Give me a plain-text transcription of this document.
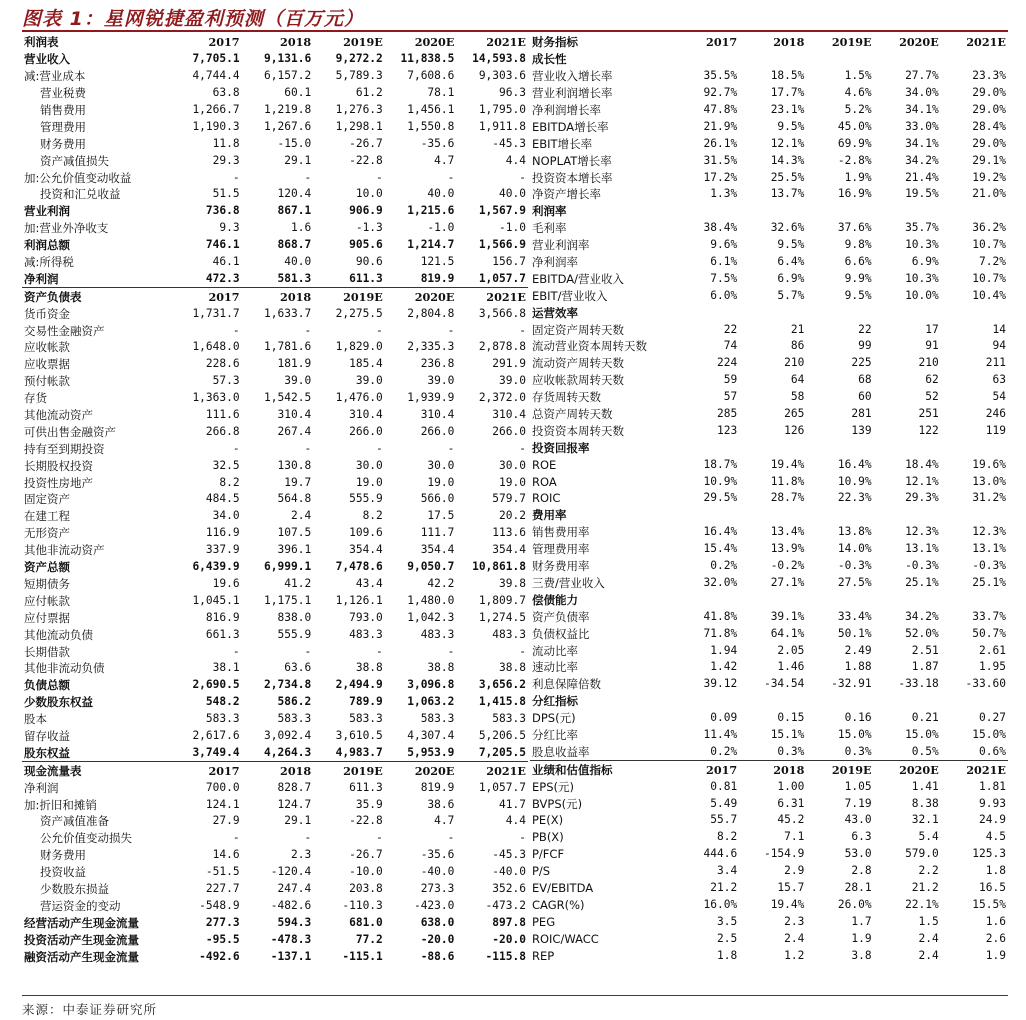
图表 1：星网锐捷盈利预测（百万元）
利润表	2017	2018	2019E	2020E	2021E
营业收入	7,705.1	9,131.6	9,272.2	11,838.5	14,593.8
减:营业成本	4,744.4	6,157.2	5,789.3	7,608.6	9,303.6
营业税费	63.8	60.1	61.2	78.1	96.3
销售费用	1,266.7	1,219.8	1,276.3	1,456.1	1,795.0
管理费用	1,190.3	1,267.6	1,298.1	1,550.8	1,911.8
财务费用	11.8	-15.0	-26.7	-35.6	-45.3
资产减值损失	29.3	29.1	-22.8	4.7	4.4
加:公允价值变动收益	-	-	-	-	-
投资和汇兑收益	51.5	120.4	10.0	40.0	40.0
营业利润	736.8	867.1	906.9	1,215.6	1,567.9
加:营业外净收支	9.3	1.6	-1.3	-1.0	-1.0
利润总额	746.1	868.7	905.6	1,214.7	1,566.9
减:所得税	46.1	40.0	90.6	121.5	156.7
净利润	472.3	581.3	611.3	819.9	1,057.7
资产负债表	2017	2018	2019E	2020E	2021E
货币资金	1,731.7	1,633.7	2,275.5	2,804.8	3,566.8
交易性金融资产	-	-	-	-	-
应收帐款	1,648.0	1,781.6	1,829.0	2,335.3	2,878.8
应收票据	228.6	181.9	185.4	236.8	291.9
预付帐款	57.3	39.0	39.0	39.0	39.0
存货	1,363.0	1,542.5	1,476.0	1,939.9	2,372.0
其他流动资产	111.6	310.4	310.4	310.4	310.4
可供出售金融资产	266.8	267.4	266.0	266.0	266.0
持有至到期投资	-	-	-	-	-
长期股权投资	32.5	130.8	30.0	30.0	30.0
投资性房地产	8.2	19.7	19.0	19.0	19.0
固定资产	484.5	564.8	555.9	566.0	579.7
在建工程	34.0	2.4	8.2	17.5	20.2
无形资产	116.9	107.5	109.6	111.7	113.6
其他非流动资产	337.9	396.1	354.4	354.4	354.4
资产总额	6,439.9	6,999.1	7,478.6	9,050.7	10,861.8
短期债务	19.6	41.2	43.4	42.2	39.8
应付帐款	1,045.1	1,175.1	1,126.1	1,480.0	1,809.7
应付票据	816.9	838.0	793.0	1,042.3	1,274.5
其他流动负债	661.3	555.9	483.3	483.3	483.3
长期借款	-	-	-	-	-
其他非流动负债	38.1	63.6	38.8	38.8	38.8
负债总额	2,690.5	2,734.8	2,494.9	3,096.8	3,656.2
少数股东权益	548.2	586.2	789.9	1,063.2	1,415.8
股本	583.3	583.3	583.3	583.3	583.3
留存收益	2,617.6	3,092.4	3,610.5	4,307.4	5,206.5
股东权益	3,749.4	4,264.3	4,983.7	5,953.9	7,205.5
现金流量表	2017	2018	2019E	2020E	2021E
净利润	700.0	828.7	611.3	819.9	1,057.7
加:折旧和摊销	124.1	124.7	35.9	38.6	41.7
资产减值准备	27.9	29.1	-22.8	4.7	4.4
公允价值变动损失	-	-	-	-	-
财务费用	14.6	2.3	-26.7	-35.6	-45.3
投资收益	-51.5	-120.4	-10.0	-40.0	-40.0
少数股东损益	227.7	247.4	203.8	273.3	352.6
营运资金的变动	-548.9	-482.6	-110.3	-423.0	-473.2
经营活动产生现金流量	277.3	594.3	681.0	638.0	897.8
投资活动产生现金流量	-95.5	-478.3	77.2	-20.0	-20.0
融资活动产生现金流量	-492.6	-137.1	-115.1	-88.6	-115.8
财务指标	2017	2018	2019E	2020E	2021E
成长性					
营业收入增长率	35.5%	18.5%	1.5%	27.7%	23.3%
营业利润增长率	92.7%	17.7%	4.6%	34.0%	29.0%
净利润增长率	47.8%	23.1%	5.2%	34.1%	29.0%
EBITDA增长率	21.9%	9.5%	45.0%	33.0%	28.4%
EBIT增长率	26.1%	12.1%	69.9%	34.1%	29.0%
NOPLAT增长率	31.5%	14.3%	-2.8%	34.2%	29.1%
投资资本增长率	17.2%	25.5%	1.9%	21.4%	19.2%
净资产增长率	1.3%	13.7%	16.9%	19.5%	21.0%
利润率					
毛利率	38.4%	32.6%	37.6%	35.7%	36.2%
营业利润率	9.6%	9.5%	9.8%	10.3%	10.7%
净利润率	6.1%	6.4%	6.6%	6.9%	7.2%
EBITDA/营业收入	7.5%	6.9%	9.9%	10.3%	10.7%
EBIT/营业收入	6.0%	5.7%	9.5%	10.0%	10.4%
运营效率					
固定资产周转天数	22	21	22	17	14
流动营业资本周转天数	74	86	99	91	94
流动资产周转天数	224	210	225	210	211
应收帐款周转天数	59	64	68	62	63
存货周转天数	57	58	60	52	54
总资产周转天数	285	265	281	251	246
投资资本周转天数	123	126	139	122	119
投资回报率					
ROE	18.7%	19.4%	16.4%	18.4%	19.6%
ROA	10.9%	11.8%	10.9%	12.1%	13.0%
ROIC	29.5%	28.7%	22.3%	29.3%	31.2%
费用率					
销售费用率	16.4%	13.4%	13.8%	12.3%	12.3%
管理费用率	15.4%	13.9%	14.0%	13.1%	13.1%
财务费用率	0.2%	-0.2%	-0.3%	-0.3%	-0.3%
三费/营业收入	32.0%	27.1%	27.5%	25.1%	25.1%
偿债能力					
资产负债率	41.8%	39.1%	33.4%	34.2%	33.7%
负债权益比	71.8%	64.1%	50.1%	52.0%	50.7%
流动比率	1.94	2.05	2.49	2.51	2.61
速动比率	1.42	1.46	1.88	1.87	1.95
利息保障倍数	39.12	-34.54	-32.91	-33.18	-33.60
分红指标					
DPS(元)	0.09	0.15	0.16	0.21	0.27
分红比率	11.4%	15.1%	15.0%	15.0%	15.0%
股息收益率	0.2%	0.3%	0.3%	0.5%	0.6%
业绩和估值指标	2017	2018	2019E	2020E	2021E
EPS(元)	0.81	1.00	1.05	1.41	1.81
BVPS(元)	5.49	6.31	7.19	8.38	9.93
PE(X)	55.7	45.2	43.0	32.1	24.9
PB(X)	8.2	7.1	6.3	5.4	4.5
P/FCF	444.6	-154.9	53.0	579.0	125.3
P/S	3.4	2.9	2.8	2.2	1.8
EV/EBITDA	21.2	15.7	28.1	21.2	16.5
CAGR(%)	16.0%	19.4%	26.0%	22.1%	15.5%
PEG	3.5	2.3	1.7	1.5	1.6
ROIC/WACC	2.5	2.4	1.9	2.4	2.6
REP	1.8	1.2	3.8	2.4	1.9
来源：中泰证券研究所
